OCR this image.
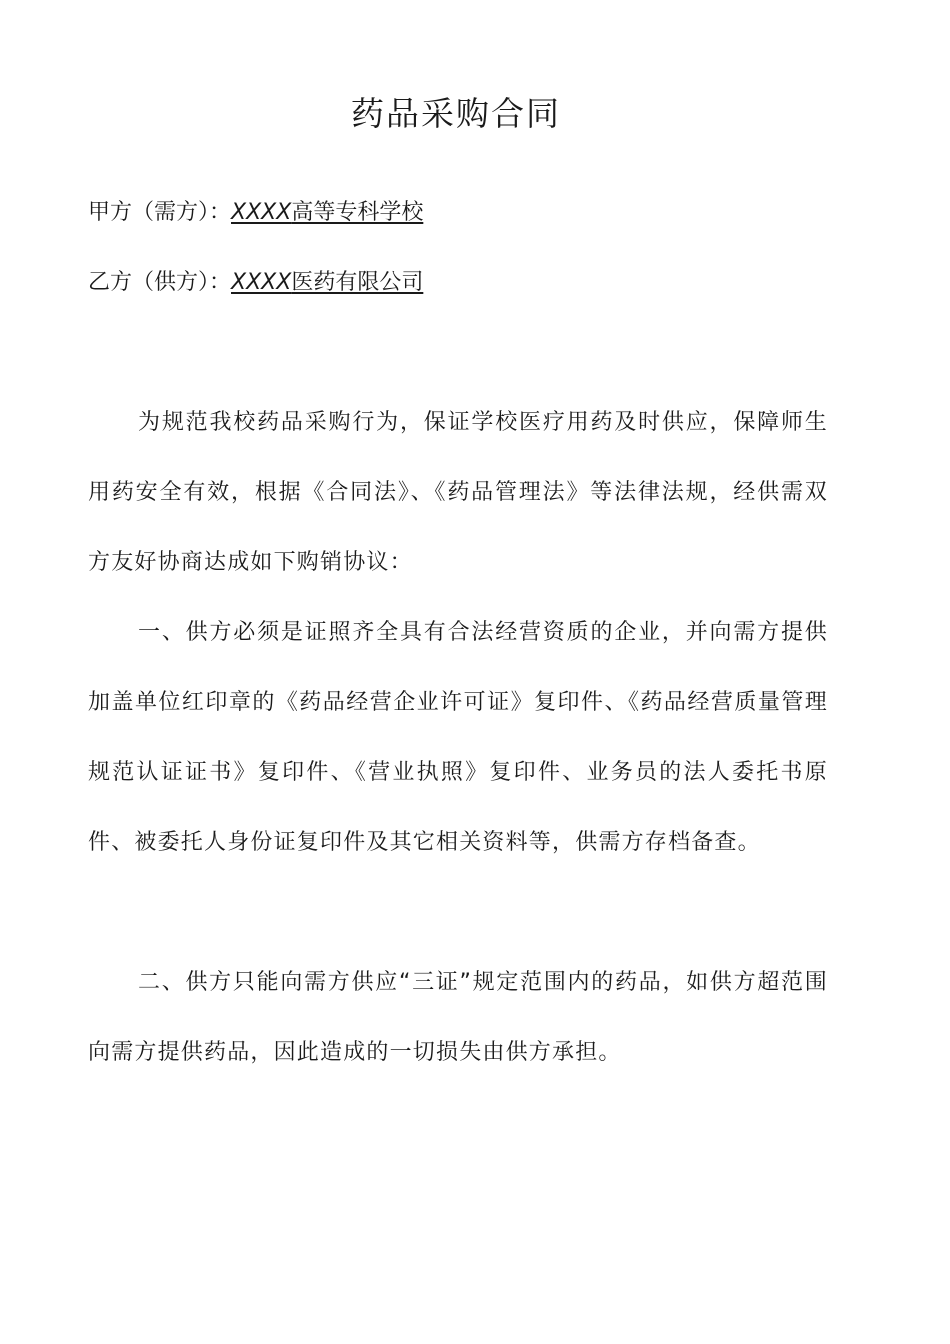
药品采购合同
甲方（需方）：XXXX高等专科学校
乙方（供方）：XXXX医药有限公司

为规范我校药品采购行为，保证学校医疗用药及时供应，保障师生用药安全有效，根据《合同法》、《药品管理法》等法律法规，经供需双方友好协商达成如下购销协议：

一、供方必须是证照齐全具有合法经营资质的企业，并向需方提供加盖单位红印章的《药品经营企业许可证》复印件、《药品经营质量管理规范认证证书》复印件、《营业执照》复印件、业务员的法人委托书原件、被委托人身份证复印件及其它相关资料等，供需方存档备查。

二、供方只能向需方供应“三证”规定范围内的药品，如供方超范围向需方提供药品，因此造成的一切损失由供方承担。
